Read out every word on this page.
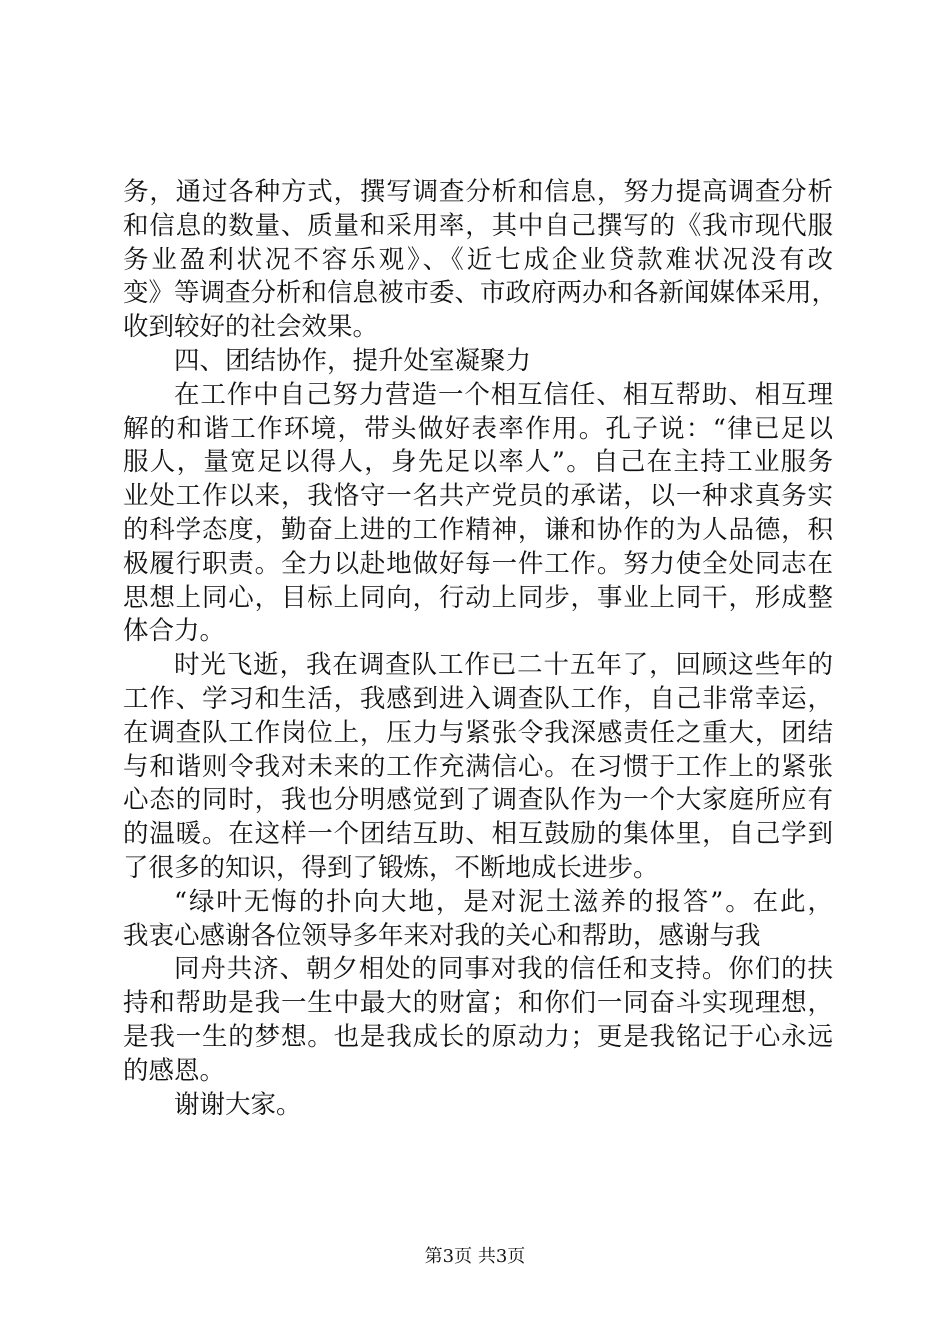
务，通过各种方式，撰写调查分析和信息，努力提高调查分析
和信息的数量、质量和采用率，其中自己撰写的《我市现代服
务业盈利状况不容乐观》、《近七成企业贷款难状况没有改
变》等调查分析和信息被市委、市政府两办和各新闻媒体采用，
收到较好的社会效果。
四、团结协作，提升处室凝聚力
在工作中自己努力营造一个相互信任、相互帮助、相互理
解的和谐工作环境，带头做好表率作用。孔子说：“律已足以
服人，量宽足以得人，身先足以率人”。自己在主持工业服务
业处工作以来，我恪守一名共产党员的承诺，以一种求真务实
的科学态度，勤奋上进的工作精神，谦和协作的为人品德，积
极履行职责。全力以赴地做好每一件工作。努力使全处同志在
思想上同心，目标上同向，行动上同步，事业上同干，形成整
体合力。
时光飞逝，我在调查队工作已二十五年了，回顾这些年的
工作、学习和生活，我感到进入调查队工作，自己非常幸运，
在调查队工作岗位上，压力与紧张令我深感责任之重大，团结
与和谐则令我对未来的工作充满信心。在习惯于工作上的紧张
心态的同时，我也分明感觉到了调查队作为一个大家庭所应有
的温暖。在这样一个团结互助、相互鼓励的集体里，自己学到
了很多的知识，得到了锻炼，不断地成长进步。
“绿叶无悔的扑向大地，是对泥土滋养的报答”。在此，
我衷心感谢各位领导多年来对我的关心和帮助，感谢与我
同舟共济、朝夕相处的同事对我的信任和支持。你们的扶
持和帮助是我一生中最大的财富；和你们一同奋斗实现理想，
是我一生的梦想。也是我成长的原动力；更是我铭记于心永远
的感恩。
谢谢大家。
第3页 共3页
